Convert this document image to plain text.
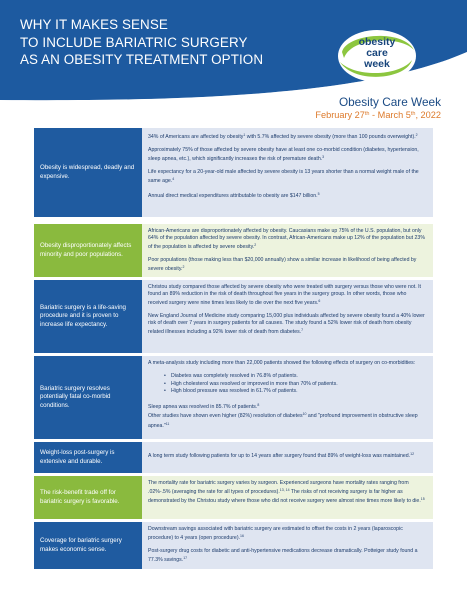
WHY IT MAKES SENSE
TO INCLUDE BARIATRIC SURGERY
AS AN OBESITY TREATMENT OPTION
obesity
care
week
Obesity Care Week
February 27th - March 5th, 2022
Obesity is widespread, deadly and expensive.

34% of Americans are affected by obesity$^1$ with 5.7% affected by severe obesity (more than 100 pounds overweight).$^2$

Approximately 75% of those affected by severe obesity have at least one co-morbid condition (diabetes, hypertension, sleep apnea, etc.), which significantly increases the risk of premature death.$^3$

Life expectancy for a 20-year-old male affected by severe obesity is 13 years shorter than a normal weight male of the same age.$^4$

Annual direct medical expenditures attributable to obesity are $147 billion.$^5$

Obesity disproportionately affects minority and poor populations.

African-Americans are disproportionately affected by obesity. Caucasians make up 75% of the U.S. population, but only 64% of the population affected by severe obesity. In contrast, African-Americans make up 12% of the population but 23% of the population is affected by severe obesity.$^2$

Poor populations (those making less than $20,000 annually) show a similar increase in likelihood of being affected by severe obesity.$^2$

Bariatric surgery is a life-saving procedure and it is proven to increase life expectancy.

Christou study compared those affected by severe obesity who were treated with surgery versus those who were not. It found an 89% reduction in the risk of death throughout five years in the surgery group. In other words, those who received surgery were nine times less likely to die over the next five years.$^6$

New England Journal of Medicine study comparing 15,000 plus individuals affected by severe obesity found a 40% lower risk of death over 7 years in surgery patients for all causes. The study found a 52% lower risk of death from obesity related illnesses including a 92% lower risk of death from diabetes.$^7$

Bariatric surgery resolves potentially fatal co-morbid conditions.

A meta-analysis study including more than 22,000 patients showed the following effects of surgery on co-morbidities:

• Diabetes was completely resolved in 76.8% of patients.
• High cholesterol was resolved or improved in more than 70% of patients.
• High blood pressure was resolved in 61.7% of patients.

Sleep apnea was resolved in 85.7% of patients.$^8$
Other studies have shown even higher (82%) resolution of diabetes$^{10}$ and "profound improvement in obstructive sleep apnea."$^{11}$

Weight-loss post-surgery is extensive and durable.

A long term study following patients for up to 14 years after surgery found that 89% of weight-loss was maintained.$^{12}$

The risk-benefit trade off for bariatric surgery is favorable.

The mortality rate for bariatric surgery varies by surgeon. Experienced surgeons have mortality rates ranging from .02%-.5% (averaging the rate for all types of procedures).$^{13, 14}$ The risks of not receiving surgery is far higher as demonstrated by the Christou study where those who did not receive surgery were almost nine times more likely to die.$^{15}$

Coverage for bariatric surgery makes economic sense.

Downstream savings associated with bariatric surgery are estimated to offset the costs in 2 years (laparoscopic procedure) to 4 years (open procedure).$^{16}$

Post-surgery drug costs for diabetic and anti-hypertensive medications decrease dramatically. Potteiger study found a 77.3% savings.$^{17}$
